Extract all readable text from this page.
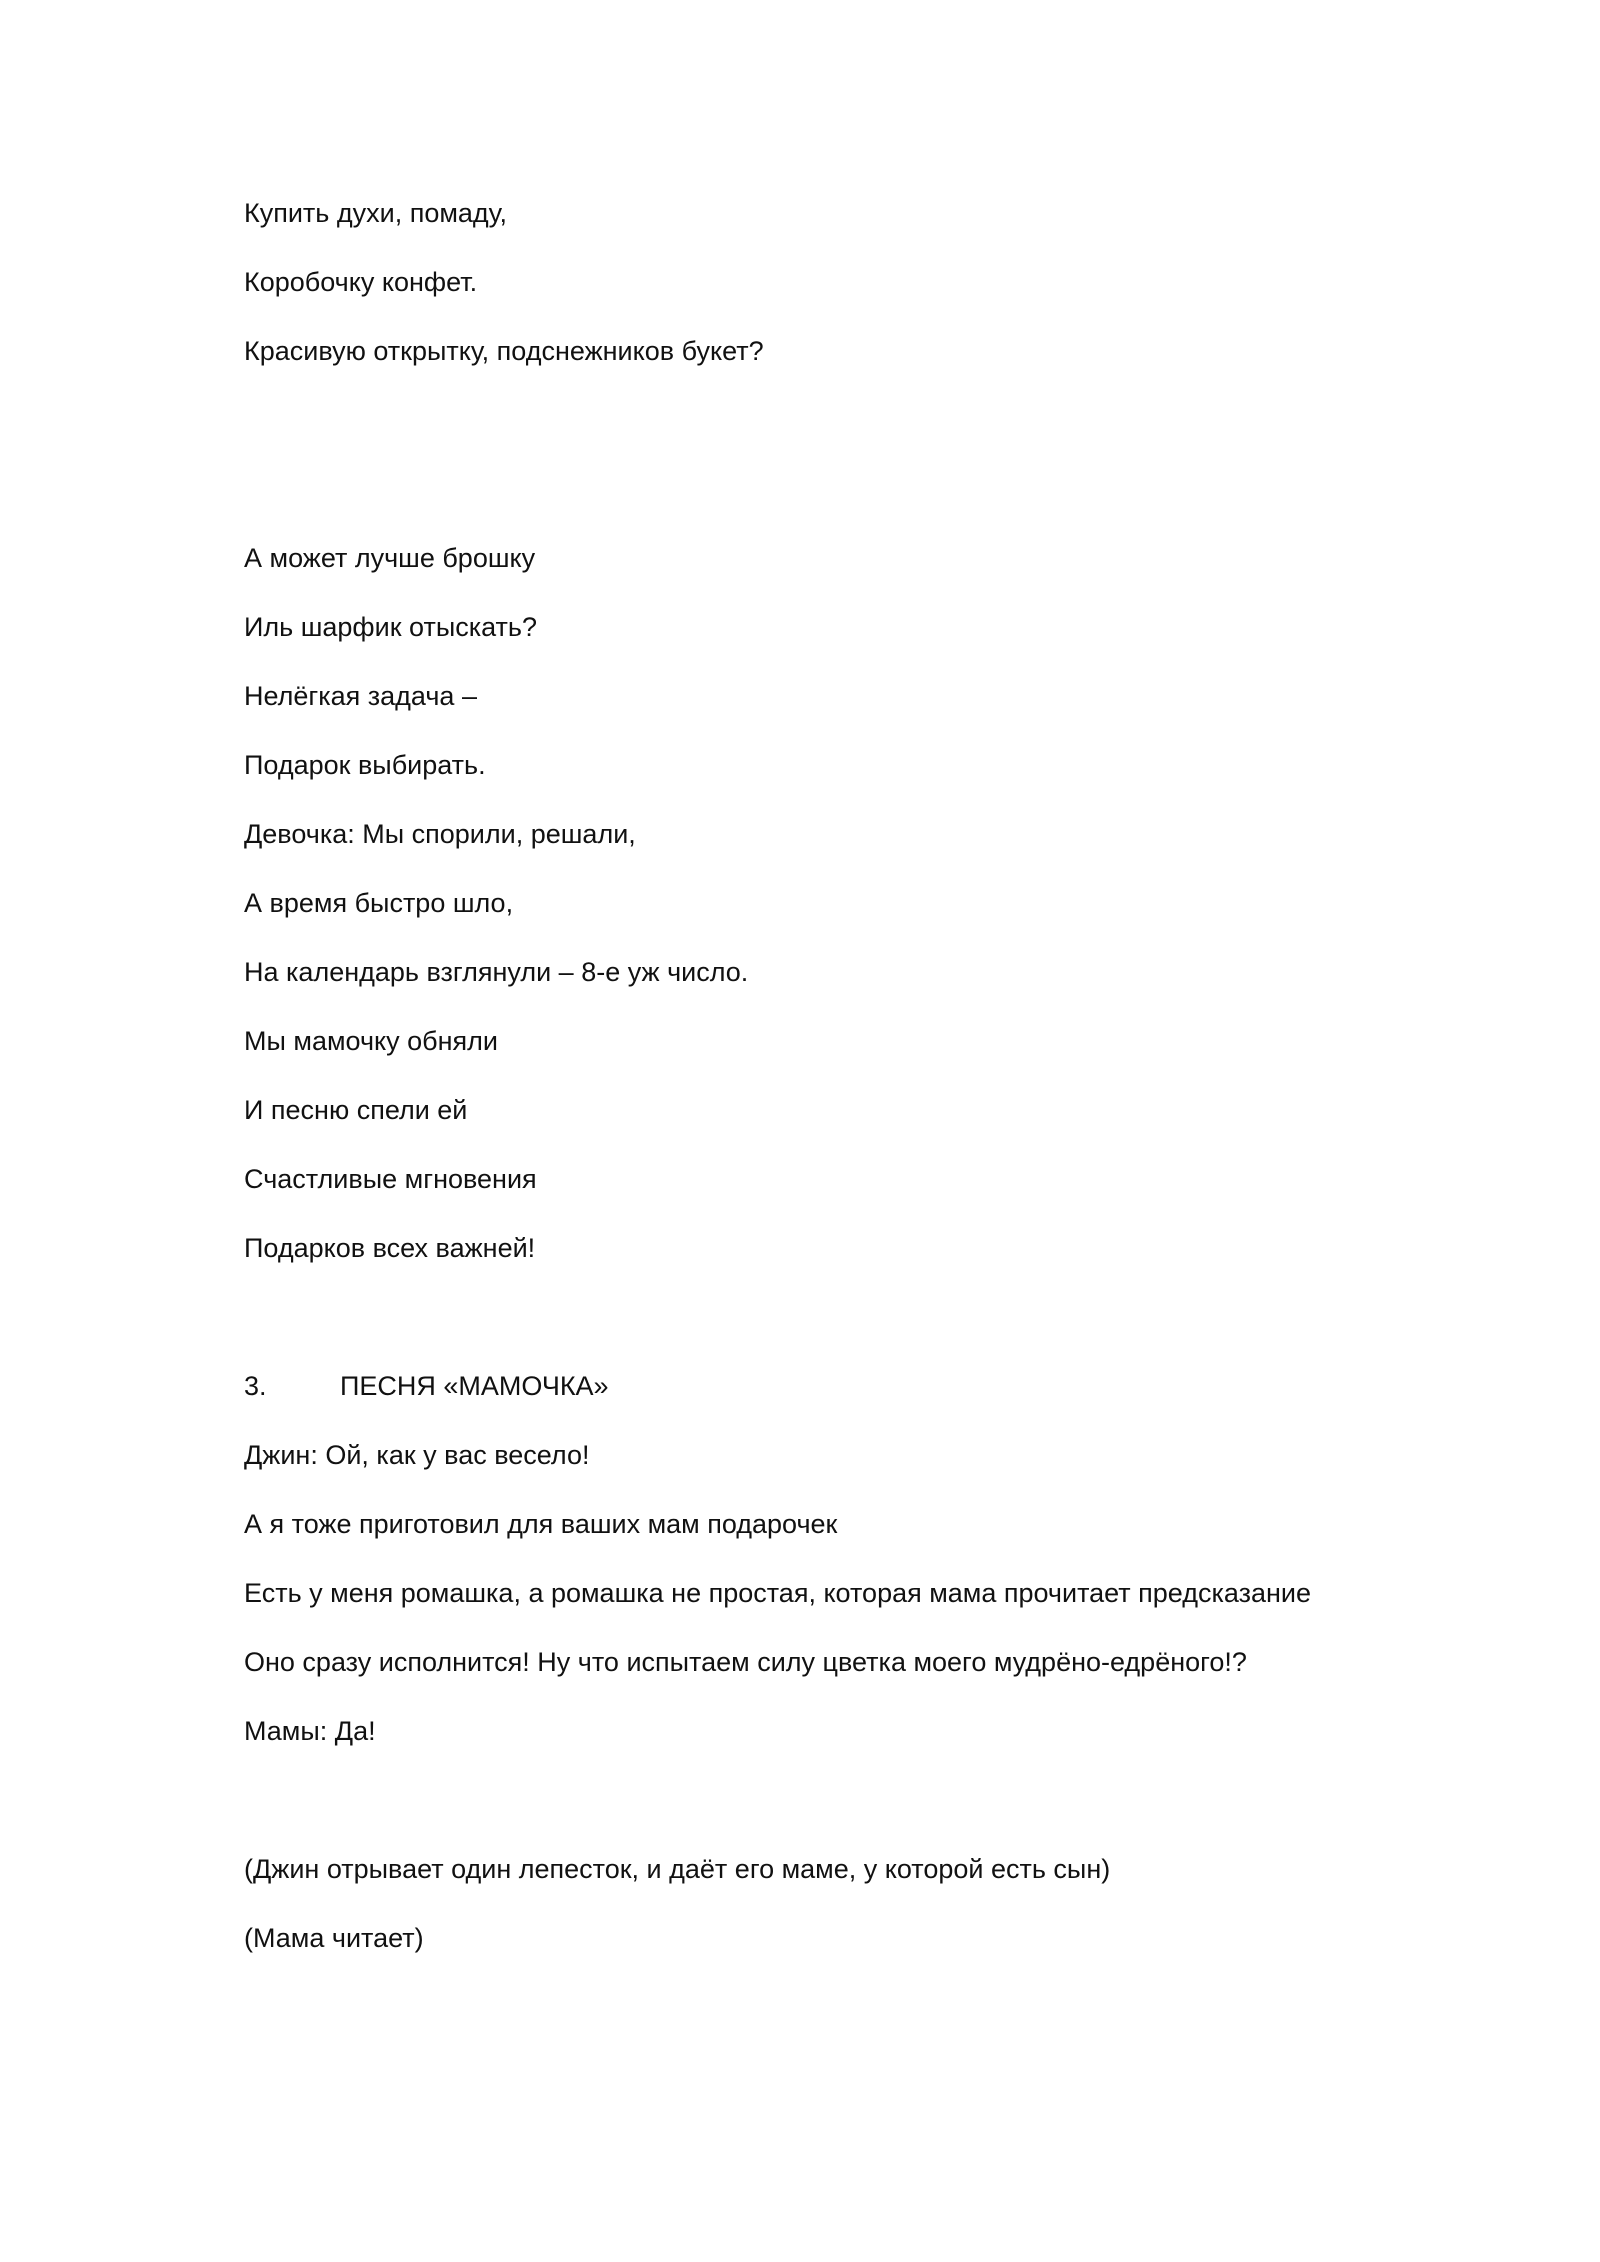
Купить духи, помаду,
Коробочку конфет.
Красивую открытку, подснежников букет?
А может лучше брошку
Иль шарфик отыскать?
Нелёгкая задача –
Подарок выбирать.
Девочка: Мы спорили, решали,
А время быстро шло,
На календарь взглянули – 8-е уж число.
Мы мамочку обняли
И песню спели ей
Счастливые мгновения
Подарков всех важней!
3.	ПЕСНЯ «МАМОЧКА»
Джин: Ой, как у вас весело!
А я тоже приготовил для ваших мам подарочек
Есть у меня ромашка, а ромашка не простая, которая мама прочитает предсказание
Оно сразу исполнится! Ну что испытаем силу цветка моего мудрёно-едрёного!?
Мамы: Да!
(Джин отрывает один лепесток, и даёт его маме, у которой есть сын)
(Мама читает)
